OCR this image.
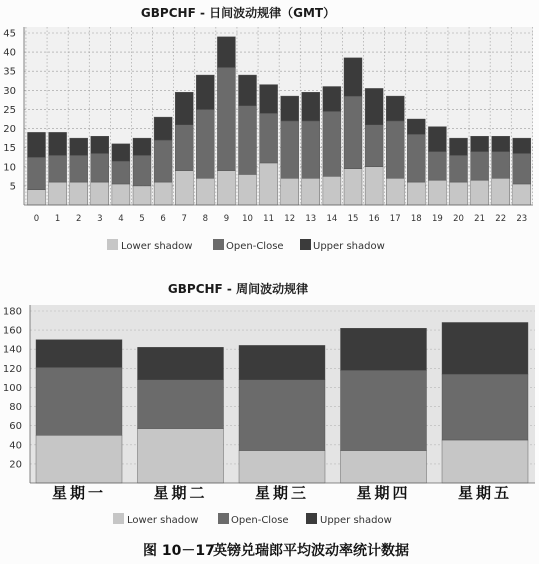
GBPCHF - 日间波动规律（GMT）
5
10
15
20
25
30
35
40
45
0 1 2 3 4 5 6 7 8 9 10 11 12 13 14 15 16 17 18 19 20 21 22 23
Lower shadow	Open-Close	Upper shadow
GBPCHF - 周间波动规律
20
40
60
80
100
120
140
160
180
星期一	星期二	星期三	星期四	星期五
Lower shadow	Open-Close	Upper shadow
图 10－17
英镑兑瑞郎平均波动率统计数据
